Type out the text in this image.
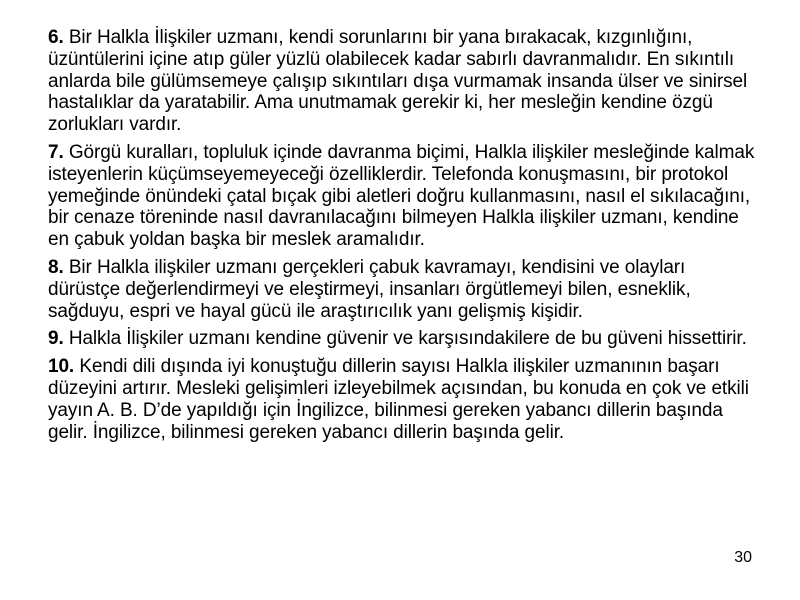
6. Bir Halkla İlişkiler uzmanı, kendi sorunlarını bir yana bırakacak, kızgınlığını, üzüntülerini içine atıp güler yüzlü olabilecek kadar sabırlı davranmalıdır. En sıkıntılı anlarda bile gülümsemeye çalışıp sıkıntıları dışa vurmamak insanda ülser ve sinirsel hastalıklar da yaratabilir. Ama unutmamak gerekir ki, her mesleğin kendine özgü zorlukları vardır.

7. Görgü kuralları, topluluk içinde davranma biçimi, Halkla ilişkiler mesleğinde kalmak isteyenlerin küçümseyemeyeceği özelliklerdir. Telefonda konuşmasını, bir protokol yemeğinde önündeki çatal bıçak gibi aletleri doğru kullanmasını, nasıl el sıkılacağını, bir cenaze töreninde nasıl davranılacağını bilmeyen Halkla ilişkiler uzmanı, kendine en çabuk yoldan başka bir meslek aramalıdır.

8. Bir Halkla ilişkiler uzmanı gerçekleri çabuk kavramayı, kendisini ve olayları dürüstçe değerlendirmeyi ve eleştirmeyi, insanları örgütlemeyi bilen, esneklik, sağduyu, espri ve hayal gücü ile araştırıcılık yanı gelişmiş kişidir.

9. Halkla İlişkiler uzmanı kendine güvenir ve karşısındakilere de bu güveni hissettirir.

10. Kendi dili dışında iyi konuştuğu dillerin sayısı Halkla ilişkiler uzmanının başarı düzeyini artırır. Mesleki gelişimleri izleyebilmek açısından, bu konuda en çok ve etkili yayın A. B. D’de yapıldığı için İngilizce, bilinmesi gereken yabancı dillerin başında gelir. İngilizce, bilinmesi gereken yabancı dillerin başında gelir.

30
